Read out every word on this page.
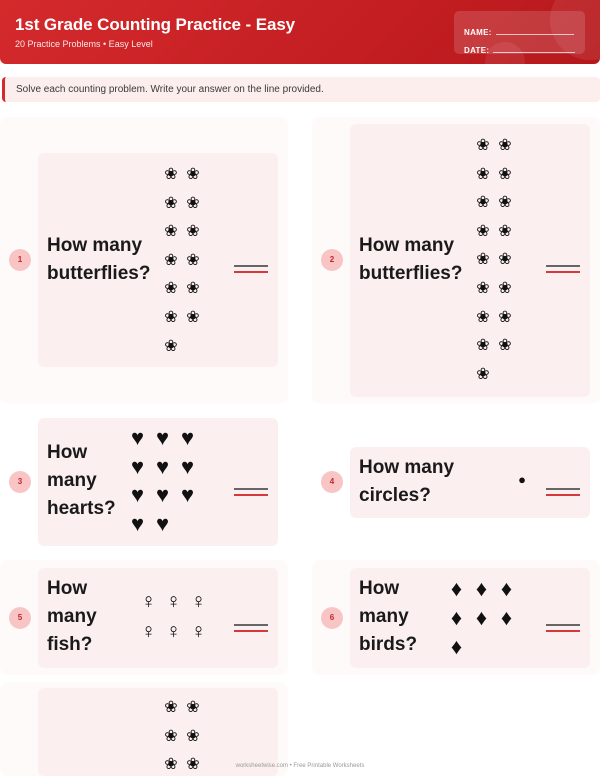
1st Grade Counting Practice - Easy
20 Practice Problems • Easy Level
NAME:
DATE:
Solve each counting problem. Write your answer on the line provided.
1
How many butterflies?
❀ ❀
❀ ❀
❀ ❀
❀ ❀
❀ ❀
❀ ❀
❀
2
How many butterflies?
❀ ❀
❀ ❀
❀ ❀
❀ ❀
❀ ❀
❀ ❀
❀ ❀
❀ ❀
❀
3
How many hearts?
♥ ♥ ♥
♥ ♥ ♥
♥ ♥ ♥
♥ ♥
4
How many circles?
●
5
How many fish?
♀ ♀ ♀
♀ ♀ ♀
6
How many birds?
♦ ♦ ♦
♦ ♦ ♦
♦
❀ ❀
❀ ❀
❀ ❀	worksheetwise.com • Free Printable Worksheets
